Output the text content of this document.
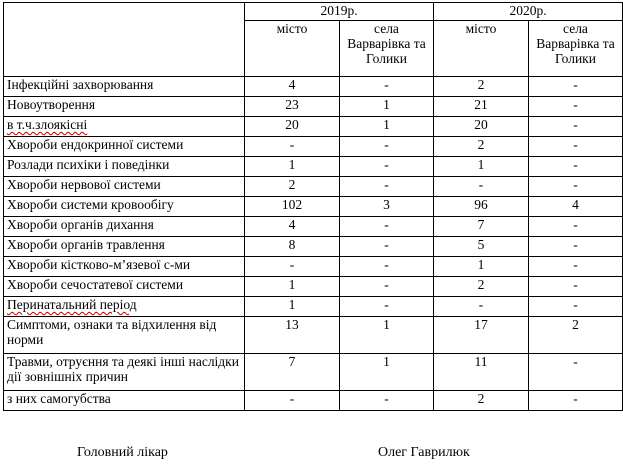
	2019р.		2020р.	
	місто	села Варварівка та Голики	місто	села Варварівка та Голики
Інфекційні захворювання	4	-	2	-
Новоутворення	23	1	21	-
в т.ч.злоякісні	20	1	20	-
Хвороби ендокринної системи	-	-	2	-
Розлади психіки і поведінки	1	-	1	-
Хвороби нервової системи	2	-	-	-
Хвороби системи кровообігу	102	3	96	4
Хвороби органів дихання	4	-	7	-
Хвороби органів травлення	8	-	5	-
Хвороби кістково-м’язевої с-ми	-	-	1	-
Хвороби сечостатевої системи	1	-	2	-
Перинатальний період	1	-	-	-
Симптоми, ознаки та відхилення від норми	13	1	17	2
Травми, отруєння та деякі інші наслідки дії зовнішніх причин	7	1	11	-
з них самогубства	-	-	2	-
Головний лікар	Олег Гаврилюк
